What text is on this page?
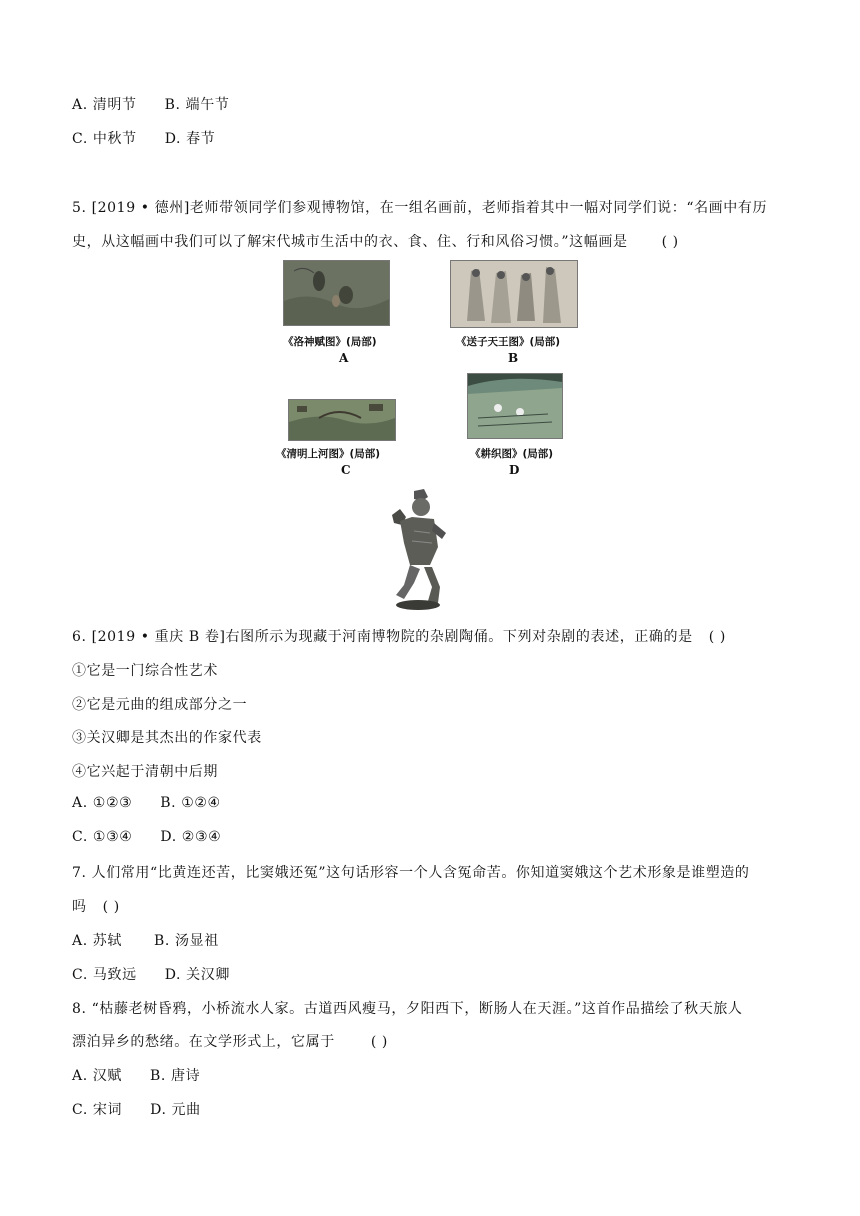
A. 清明节 B. 端午节
C. 中秋节 D. 春节
5. [2019 • 德州]老师带领同学们参观博物馆，在一组名画前，老师指着其中一幅对同学们说：“名画中有历
史，从这幅画中我们可以了解宋代城市生活中的衣、食、住、行和风俗习惯。”这幅画是 ( )
《洛神赋图》(局部)
A
《送子天王图》(局部)
B
《清明上河图》(局部)
C
《耕织图》(局部)
D
6. [2019 • 重庆 B 卷]右图所示为现藏于河南博物院的杂剧陶俑。下列对杂剧的表述，正确的是 ( )
①它是一门综合性艺术
②它是元曲的组成部分之一
③关汉卿是其杰出的作家代表
④它兴起于清朝中后期
A. ①②③ B. ①②④
C. ①③④ D. ②③④
7. 人们常用“比黄连还苦，比窦娥还冤”这句话形容一个人含冤命苦。你知道窦娥这个艺术形象是谁塑造的
吗 ( )
A. 苏轼 B. 汤显祖
C. 马致远 D. 关汉卿
8. “枯藤老树昏鸦，小桥流水人家。古道西风瘦马，夕阳西下，断肠人在天涯。”这首作品描绘了秋天旅人
漂泊异乡的愁绪。在文学形式上，它属于	( )
A. 汉赋 B. 唐诗
C. 宋词 D. 元曲
